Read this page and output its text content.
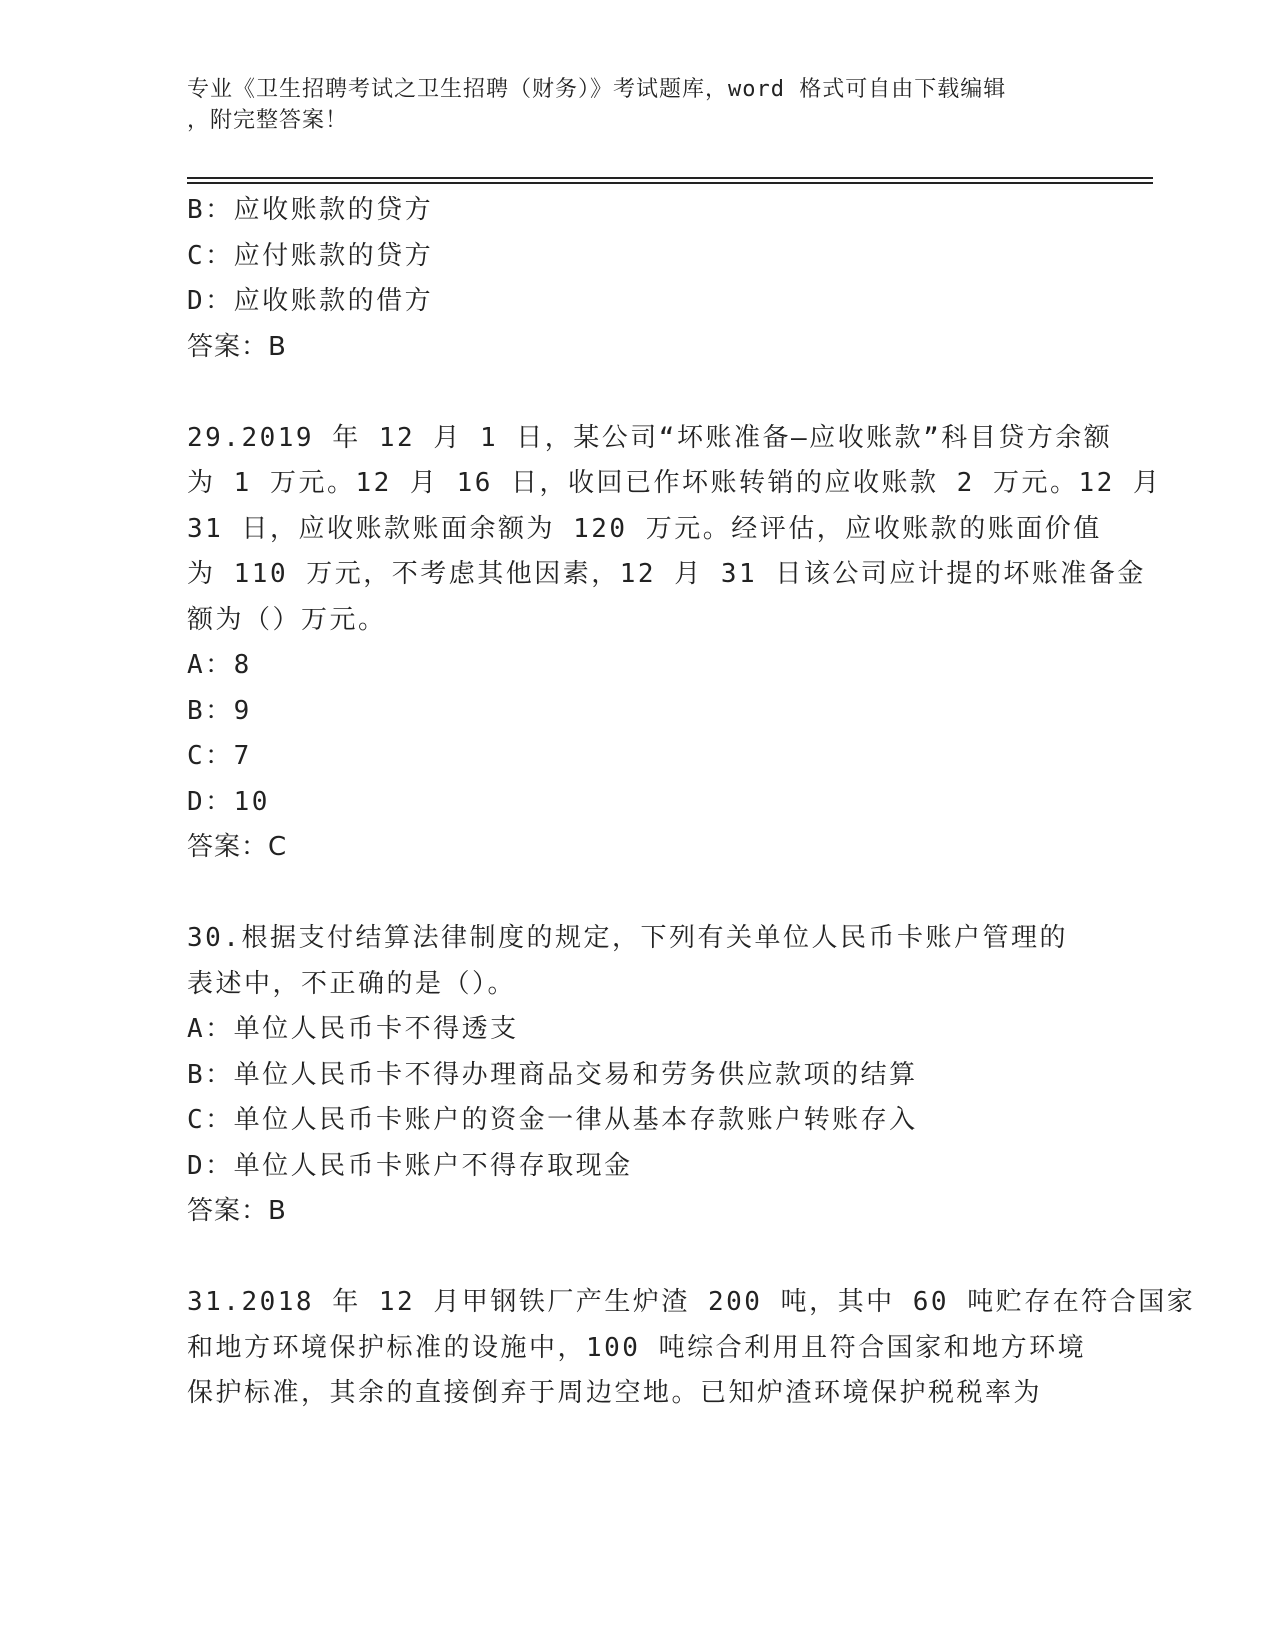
专业《卫生招聘考试之卫生招聘（财务）》考试题库，word 格式可自由下载编辑
，附完整答案！
B：应收账款的贷方
C：应付账款的贷方
D：应收账款的借方
答案：B
29.2019 年 12 月 1 日，某公司“坏账准备—应收账款”科目贷方余额
为 1 万元。12 月 16 日，收回已作坏账转销的应收账款 2 万元。12 月
31 日，应收账款账面余额为 120 万元。经评估，应收账款的账面价值
为 110 万元，不考虑其他因素，12 月 31 日该公司应计提的坏账准备金
额为（）万元。
A：8
B：9
C：7
D：10
答案：C
30.根据支付结算法律制度的规定，下列有关单位人民币卡账户管理的
表述中，不正确的是（）。
A：单位人民币卡不得透支
B：单位人民币卡不得办理商品交易和劳务供应款项的结算
C：单位人民币卡账户的资金一律从基本存款账户转账存入
D：单位人民币卡账户不得存取现金
答案：B
31.2018 年 12 月甲钢铁厂产生炉渣 200 吨，其中 60 吨贮存在符合国家
和地方环境保护标准的设施中，100 吨综合利用且符合国家和地方环境
保护标准，其余的直接倒弃于周边空地。已知炉渣环境保护税税率为
